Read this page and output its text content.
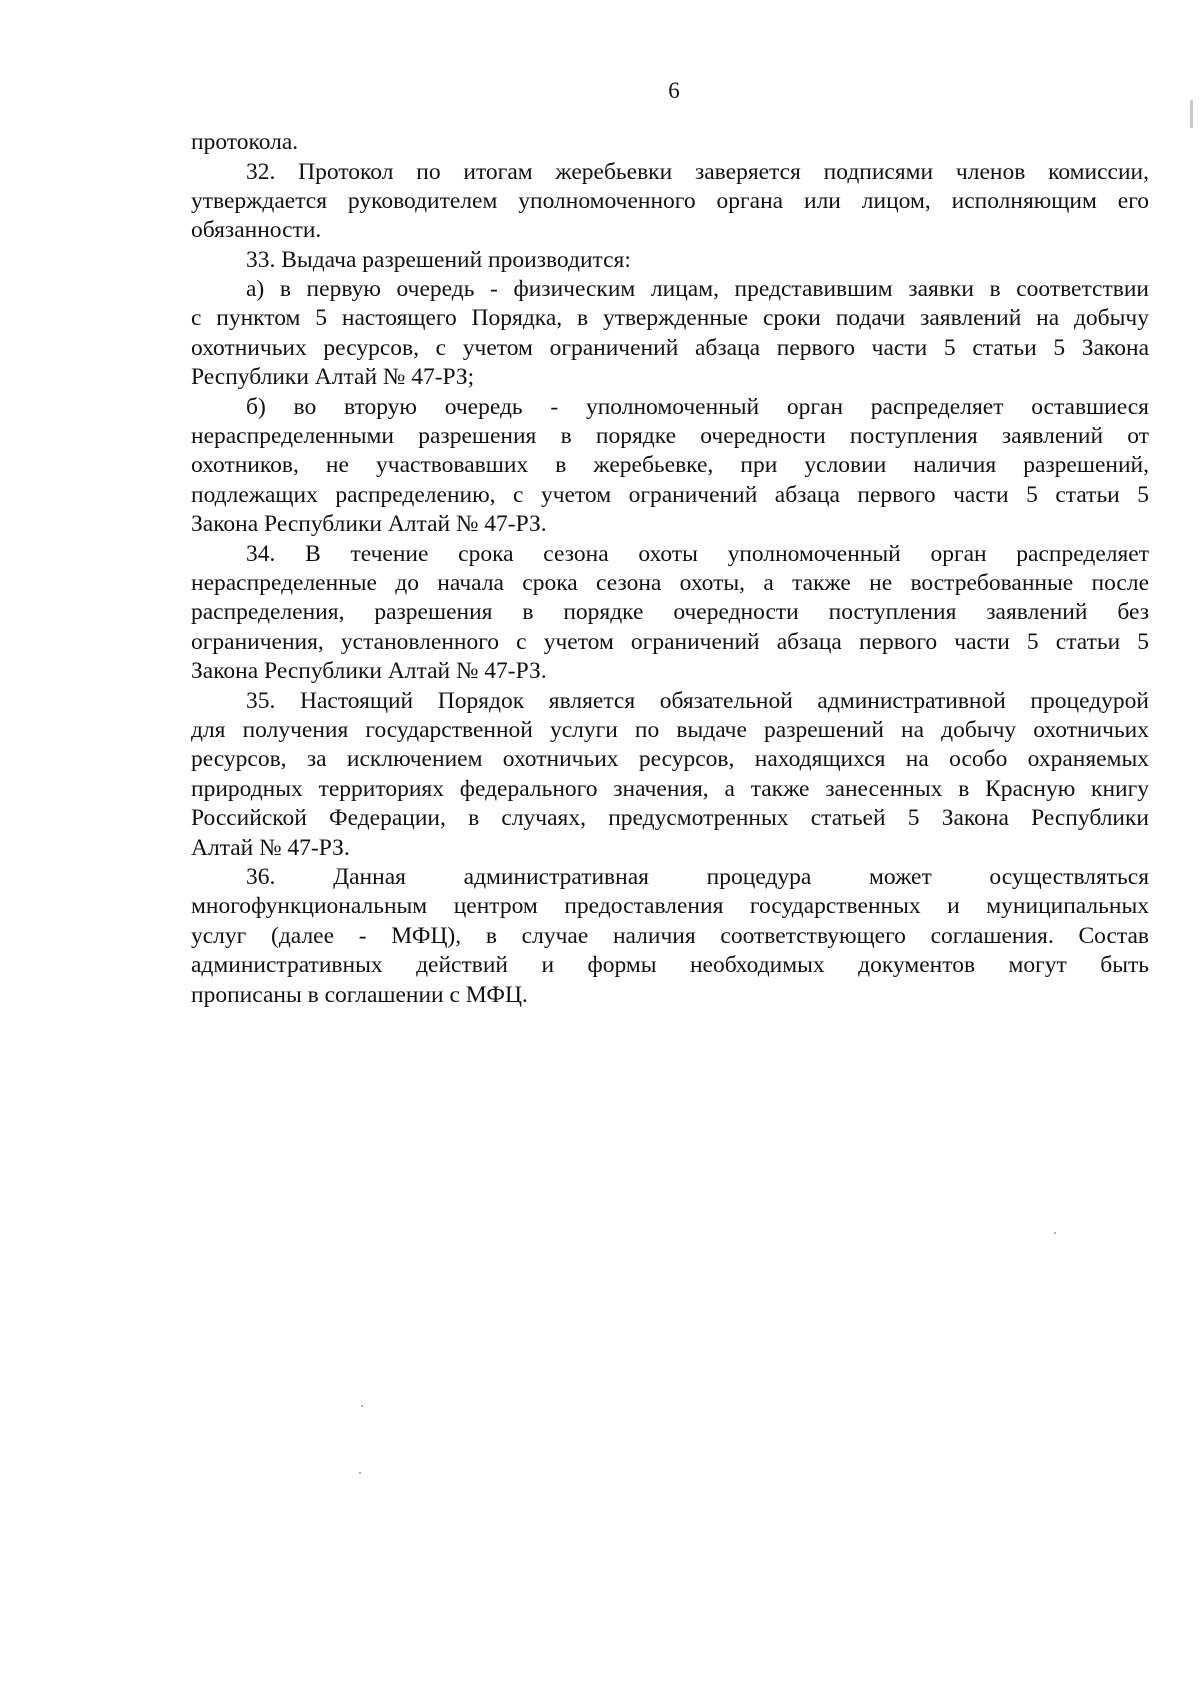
6
протокола.
32. Протокол по итогам жеребьевки заверяется подписями членов комиссии,
утверждается руководителем уполномоченного органа или лицом, исполняющим его
обязанности.
33. Выдача разрешений производится:
а) в первую очередь - физическим лицам, представившим заявки в соответствии
с пунктом 5 настоящего Порядка, в утвержденные сроки подачи заявлений на добычу
охотничьих ресурсов, с учетом ограничений абзаца первого части 5 статьи 5 Закона
Республики Алтай № 47-РЗ;
б) во вторую очередь - уполномоченный орган распределяет оставшиеся
нераспределенными разрешения в порядке очередности поступления заявлений от
охотников, не участвовавших в жеребьевке, при условии наличия разрешений,
подлежащих распределению, с учетом ограничений абзаца первого части 5 статьи 5
Закона Республики Алтай № 47-РЗ.
34. В течение срока сезона охоты уполномоченный орган распределяет
нераспределенные до начала срока сезона охоты, а также не востребованные после
распределения, разрешения в порядке очередности поступления заявлений без
ограничения, установленного с учетом ограничений абзаца первого части 5 статьи 5
Закона Республики Алтай № 47-РЗ.
35. Настоящий Порядок является обязательной административной процедурой
для получения государственной услуги по выдаче разрешений на добычу охотничьих
ресурсов, за исключением охотничьих ресурсов, находящихся на особо охраняемых
природных территориях федерального значения, а также занесенных в Красную книгу
Российской Федерации, в случаях, предусмотренных статьей 5 Закона Республики
Алтай № 47-РЗ.
36. Данная административная процедура может осуществляться
многофункциональным центром предоставления государственных и муниципальных
услуг (далее - МФЦ), в случае наличия соответствующего соглашения. Состав
административных действий и формы необходимых документов могут быть
прописаны в соглашении с МФЦ.
